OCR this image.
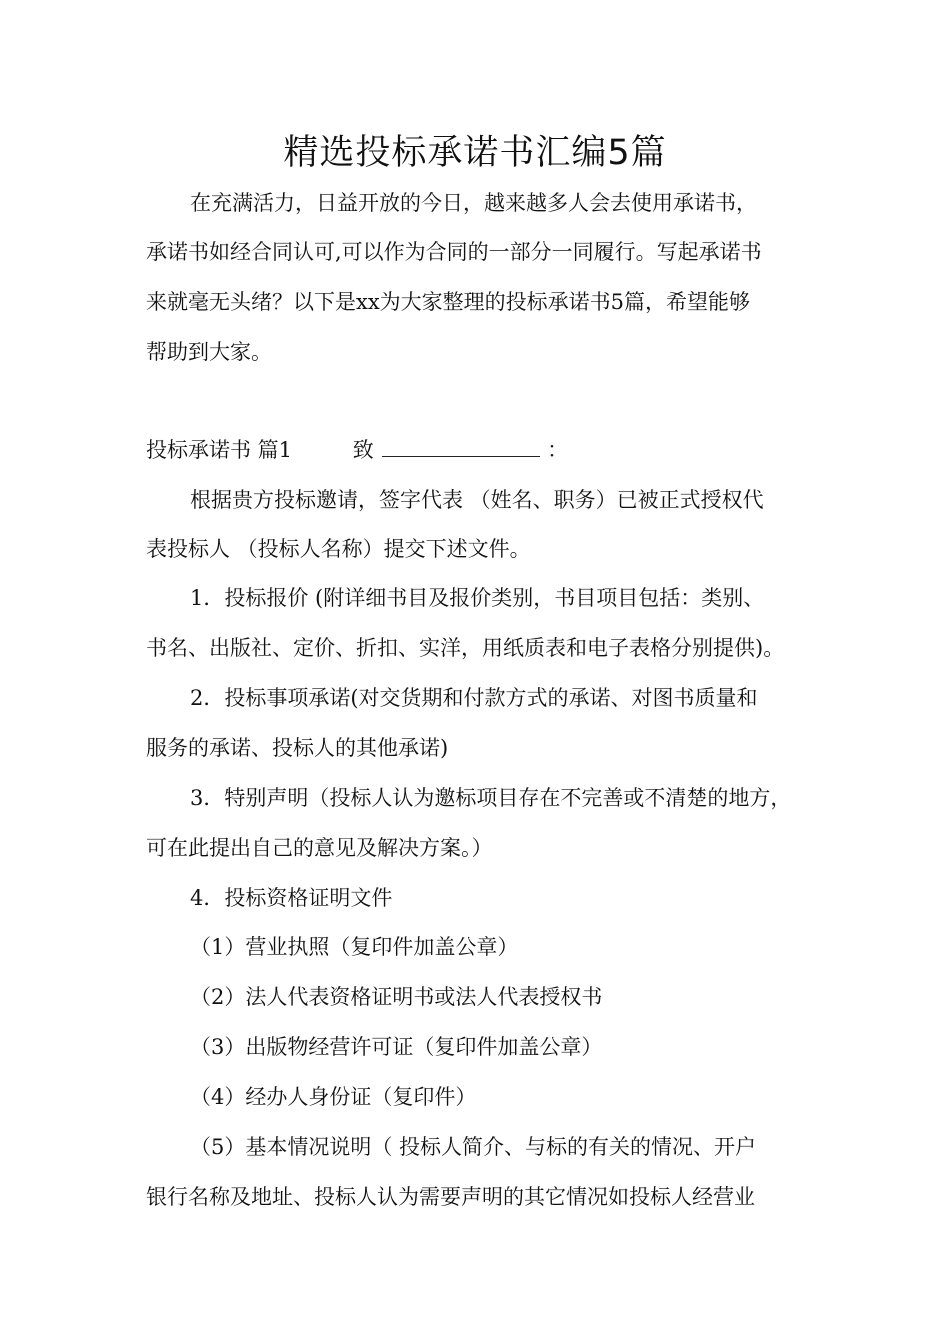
精选投标承诺书汇编5篇
在充满活力，日益开放的今日，越来越多人会去使用承诺书，
承诺书如经合同认可,可以作为合同的一部分一同履行。写起承诺书
来就毫无头绪？以下是xx为大家整理的投标承诺书5篇，希望能够
帮助到大家。
投标承诺书 篇1	致	：
根据贵方投标邀请，签字代表 （姓名、职务）已被正式授权代
表投标人 （投标人名称）提交下述文件。
1．投标报价 (附详细书目及报价类别，书目项目包括：类别、
书名、出版社、定价、折扣、实洋，用纸质表和电子表格分别提供)。
2．投标事项承诺(对交货期和付款方式的承诺、对图书质量和
服务的承诺、投标人的其他承诺)
3．特别声明（投标人认为邀标项目存在不完善或不清楚的地方，
可在此提出自己的意见及解决方案。）
4．投标资格证明文件
（1）营业执照（复印件加盖公章）
（2）法人代表资格证明书或法人代表授权书
（3）出版物经营许可证（复印件加盖公章）
（4）经办人身份证（复印件）
（5）基本情况说明（ 投标人简介、与标的有关的情况、开户
银行名称及地址、投标人认为需要声明的其它情况如投标人经营业
